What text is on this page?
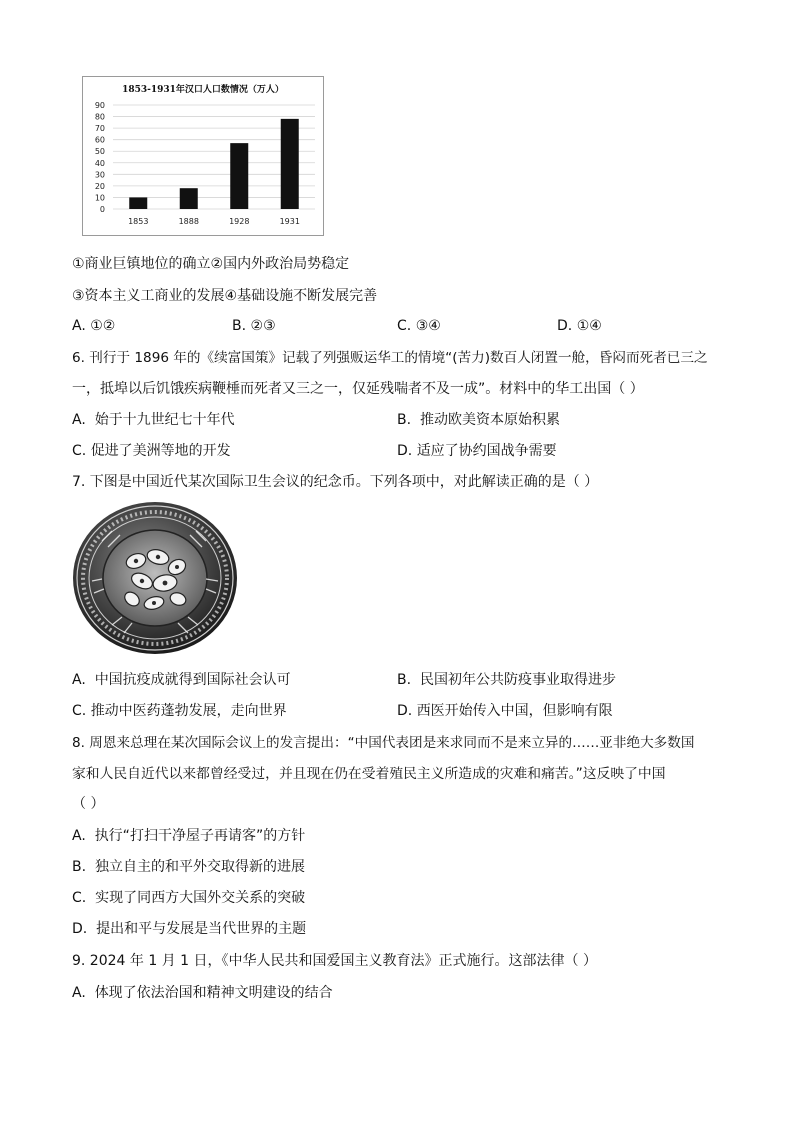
1853-1931年汉口人口数情况（万人）
0
10
20
30
40
50
60
70
80
90
1853	1888	1928	1931
①商业巨镇地位的确立②国内外政治局势稳定
③资本主义工商业的发展④基础设施不断发展完善
A. ①②	B. ②③	C. ③④	D. ①④
6. 刊行于 1896 年的《续富国策》记载了列强贩运华工的情境“(苦力)数百人闭置一舱，昏闷而死者已三之
一，抵埠以后饥饿疾病鞭棰而死者又三之一，仅延残喘者不及一成”。材料中的华工出国（ ）
A. 始于十九世纪七十年代	B. 推动欧美资本原始积累
C. 促进了美洲等地的开发	D. 适应了协约国战争需要
7. 下图是中国近代某次国际卫生会议的纪念币。下列各项中，对此解读正确的是（ ）
A. 中国抗疫成就得到国际社会认可	B. 民国初年公共防疫事业取得进步
C. 推动中医药蓬勃发展，走向世界	D. 西医开始传入中国，但影响有限
8. 周恩来总理在某次国际会议上的发言提出：“中国代表团是来求同而不是来立异的……亚非绝大多数国
家和人民自近代以来都曾经受过，并且现在仍在受着殖民主义所造成的灾难和痛苦。”这反映了中国
（ ）
A. 执行“打扫干净屋子再请客”的方针
B. 独立自主的和平外交取得新的进展
C. 实现了同西方大国外交关系的突破
D. 提出和平与发展是当代世界的主题
9. 2024 年 1 月 1 日，《中华人民共和国爱国主义教育法》正式施行。这部法律（ ）
A. 体现了依法治国和精神文明建设的结合
